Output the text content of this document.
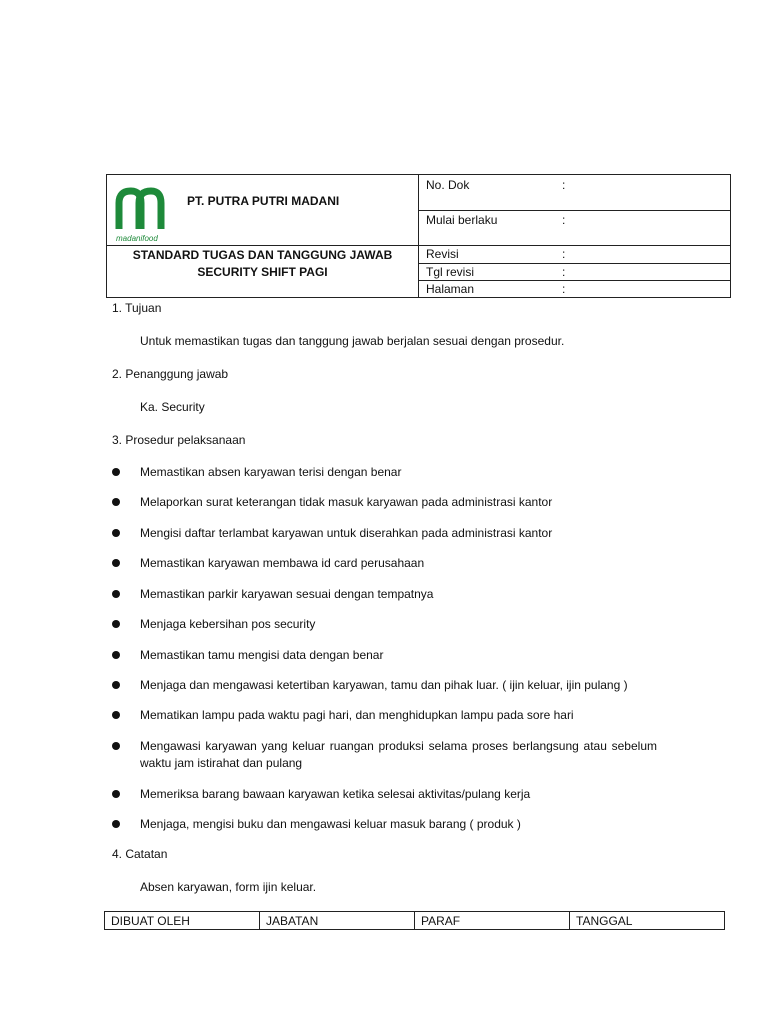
madanifood
PT. PUTRA PUTRI MADANI
STANDARD TUGAS DAN TANGGUNG JAWAB
SECURITY SHIFT PAGI
No. Dok	:
Mulai berlaku	:
Revisi	:
Tgl revisi	:
Halaman	:
1. Tujuan
Untuk memastikan tugas dan tanggung jawab berjalan sesuai dengan prosedur.
2. Penanggung jawab
Ka. Security
3. Prosedur pelaksanaan
Memastikan absen karyawan terisi dengan benar
Melaporkan surat keterangan tidak masuk karyawan pada administrasi kantor
Mengisi daftar terlambat karyawan untuk diserahkan pada administrasi kantor
Memastikan karyawan membawa id card perusahaan
Memastikan parkir karyawan sesuai dengan tempatnya
Menjaga kebersihan pos security
Memastikan tamu mengisi data dengan benar
Menjaga dan mengawasi ketertiban karyawan, tamu dan pihak luar. ( ijin keluar, ijin pulang )
Mematikan lampu pada waktu pagi hari, dan menghidupkan lampu pada sore hari
Mengawasi karyawan yang keluar ruangan produksi selama proses berlangsung atau sebelum waktu jam istirahat dan pulang
Memeriksa barang bawaan karyawan ketika selesai aktivitas/pulang kerja
Menjaga, mengisi buku dan mengawasi keluar masuk barang ( produk )
4. Catatan
Absen karyawan, form ijin keluar.
DIBUAT OLEH	JABATAN	PARAF	TANGGAL
